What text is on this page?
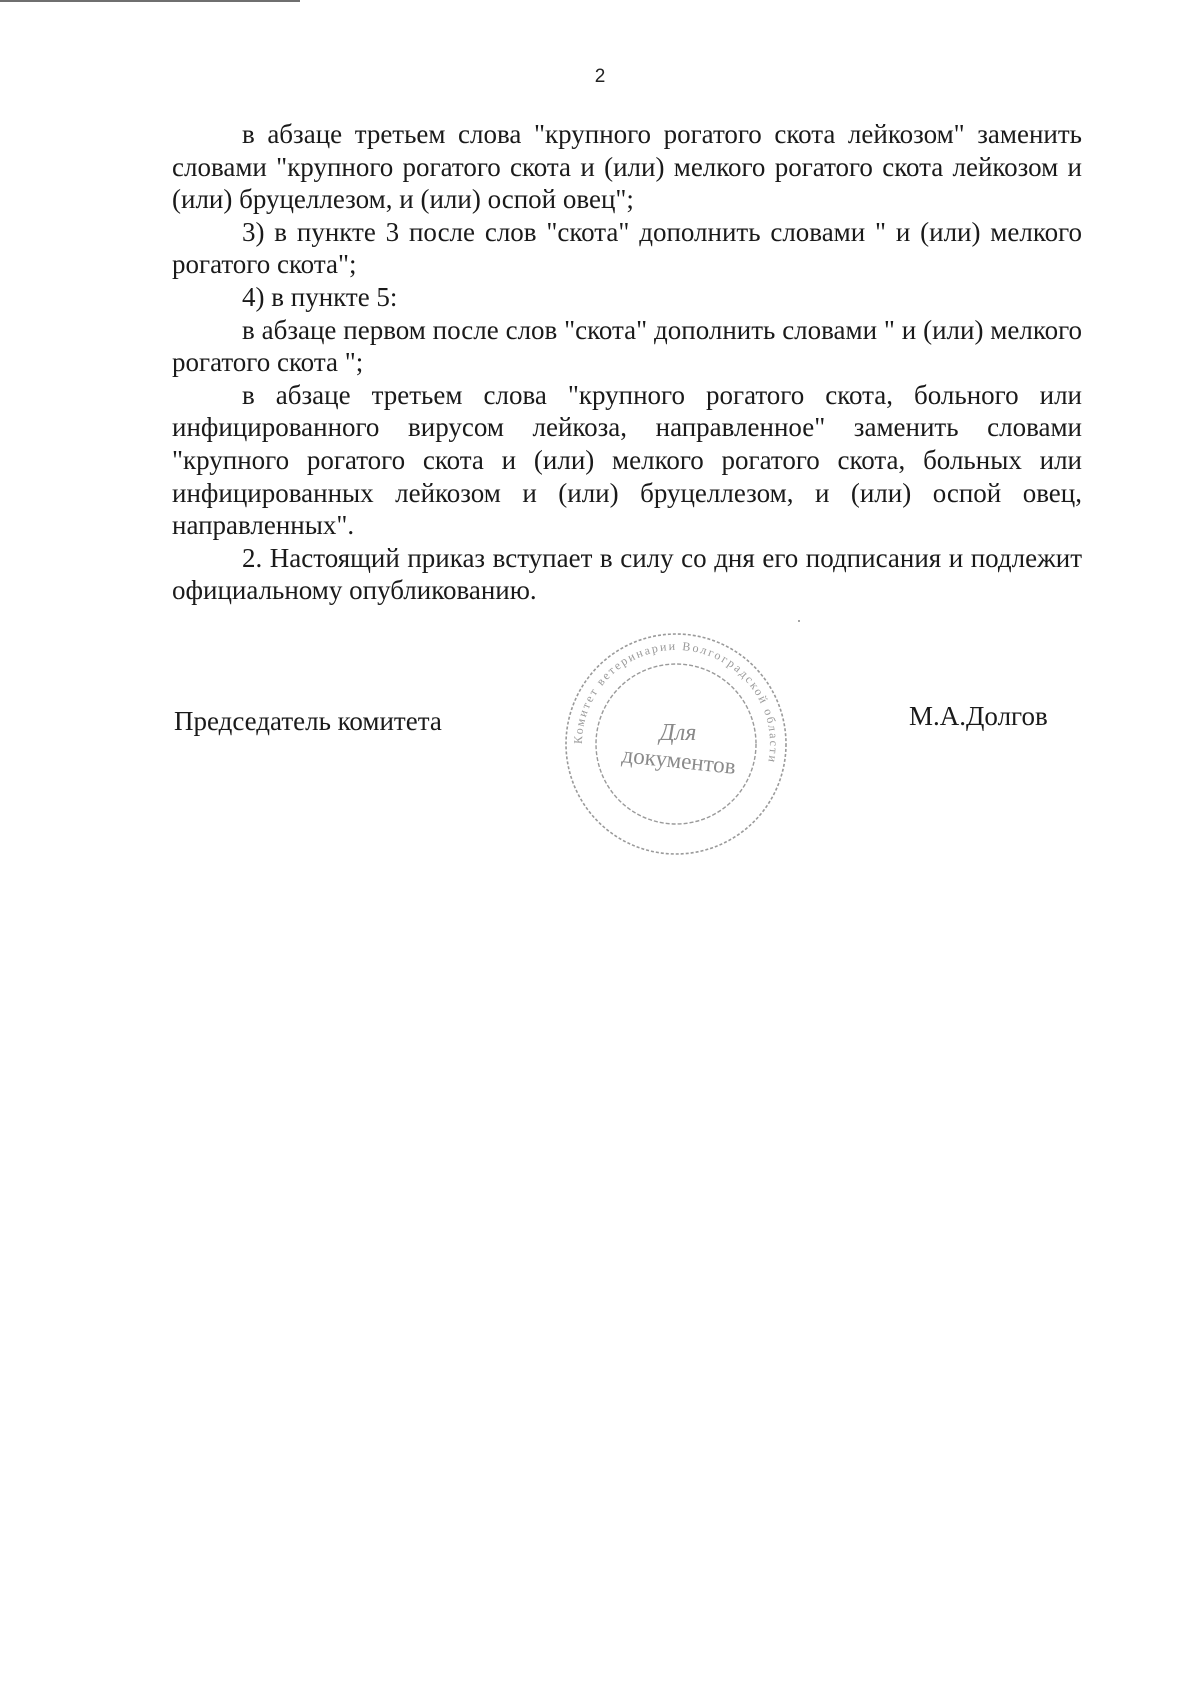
2

в абзаце третьем слова "крупного рогатого скота лейкозом" заменить словами "крупного рогатого скота и (или) мелкого рогатого скота лейкозом и (или) бруцеллезом, и (или) оспой овец";

3) в пункте 3 после слов "скота" дополнить словами " и (или) мелкого рогатого скота";

4) в пункте 5:

в абзаце первом после слов "скота" дополнить словами " и (или) мелкого рогатого скота ";

в абзаце третьем слова "крупного рогатого скота, больного или инфицированного вирусом лейкоза, направленное" заменить словами "крупного рогатого скота и (или) мелкого рогатого скота, больных или инфицированных лейкозом и (или) бруцеллезом, и (или) оспой овец, направленных".

2. Настоящий приказ вступает в силу со дня его подписания и подлежит официальному опубликованию.

Председатель комитета
Комитет ветеринарии Волгоградской области
Для
документов
М.А.Долгов
